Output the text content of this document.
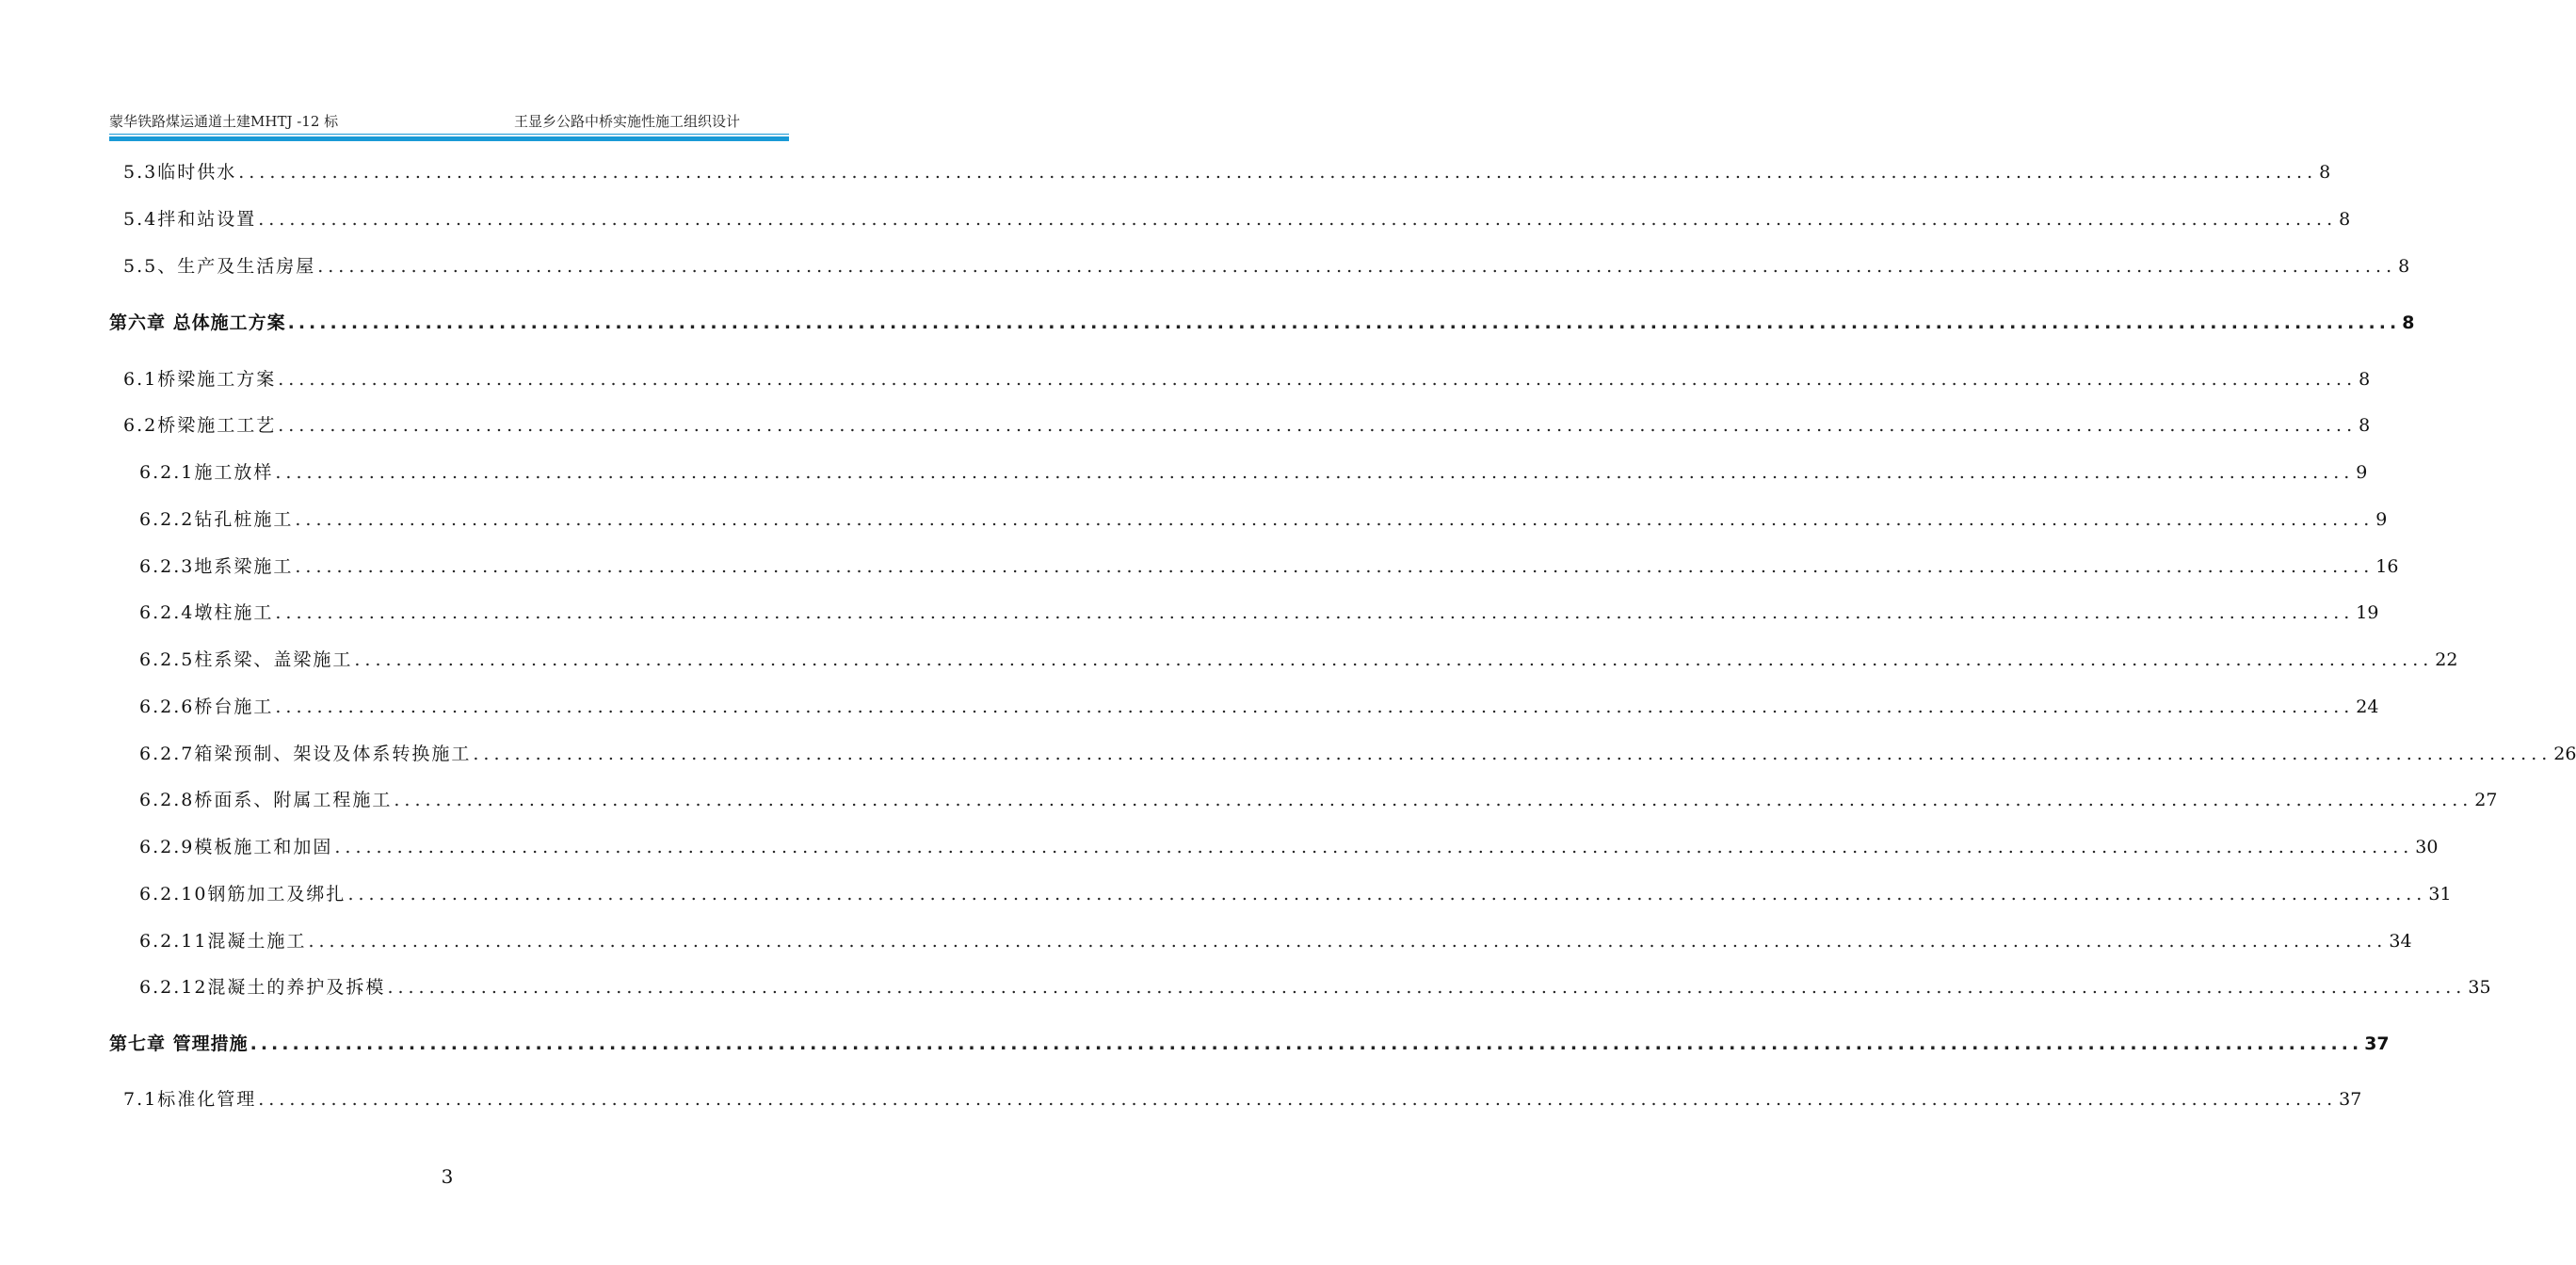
蒙华铁路煤运通道土建MHTJ -12 标	王显乡公路中桥实施性施工组织设计
5.3临时供水 ........................................................................................................................................................................................................ 8
5.4拌和站设置 ........................................................................................................................................................................................................ 8
5.5、生产及生活房屋 ........................................................................................................................................................................................................ 8
第六章 总体施工方案 ........................................................................................................................................................................................................ 8
6.1桥梁施工方案 ........................................................................................................................................................................................................ 8
6.2桥梁施工工艺 ........................................................................................................................................................................................................ 8
6.2.1施工放样 ........................................................................................................................................................................................................ 9
6.2.2钻孔桩施工 ........................................................................................................................................................................................................ 9
6.2.3地系梁施工 ........................................................................................................................................................................................................ 16
6.2.4墩柱施工 ........................................................................................................................................................................................................ 19
6.2.5柱系梁、盖梁施工 ........................................................................................................................................................................................................ 22
6.2.6桥台施工 ........................................................................................................................................................................................................ 24
6.2.7箱梁预制、架设及体系转换施工 ........................................................................................................................................................................................................ 26
6.2.8桥面系、附属工程施工 ........................................................................................................................................................................................................ 27
6.2.9模板施工和加固 ........................................................................................................................................................................................................ 30
6.2.10钢筋加工及绑扎 ........................................................................................................................................................................................................ 31
6.2.11混凝土施工 ........................................................................................................................................................................................................ 34
6.2.12混凝土的养护及拆模 ........................................................................................................................................................................................................ 35
第七章 管理措施 ........................................................................................................................................................................................................ 37
7.1标准化管理 ........................................................................................................................................................................................................ 37
3
